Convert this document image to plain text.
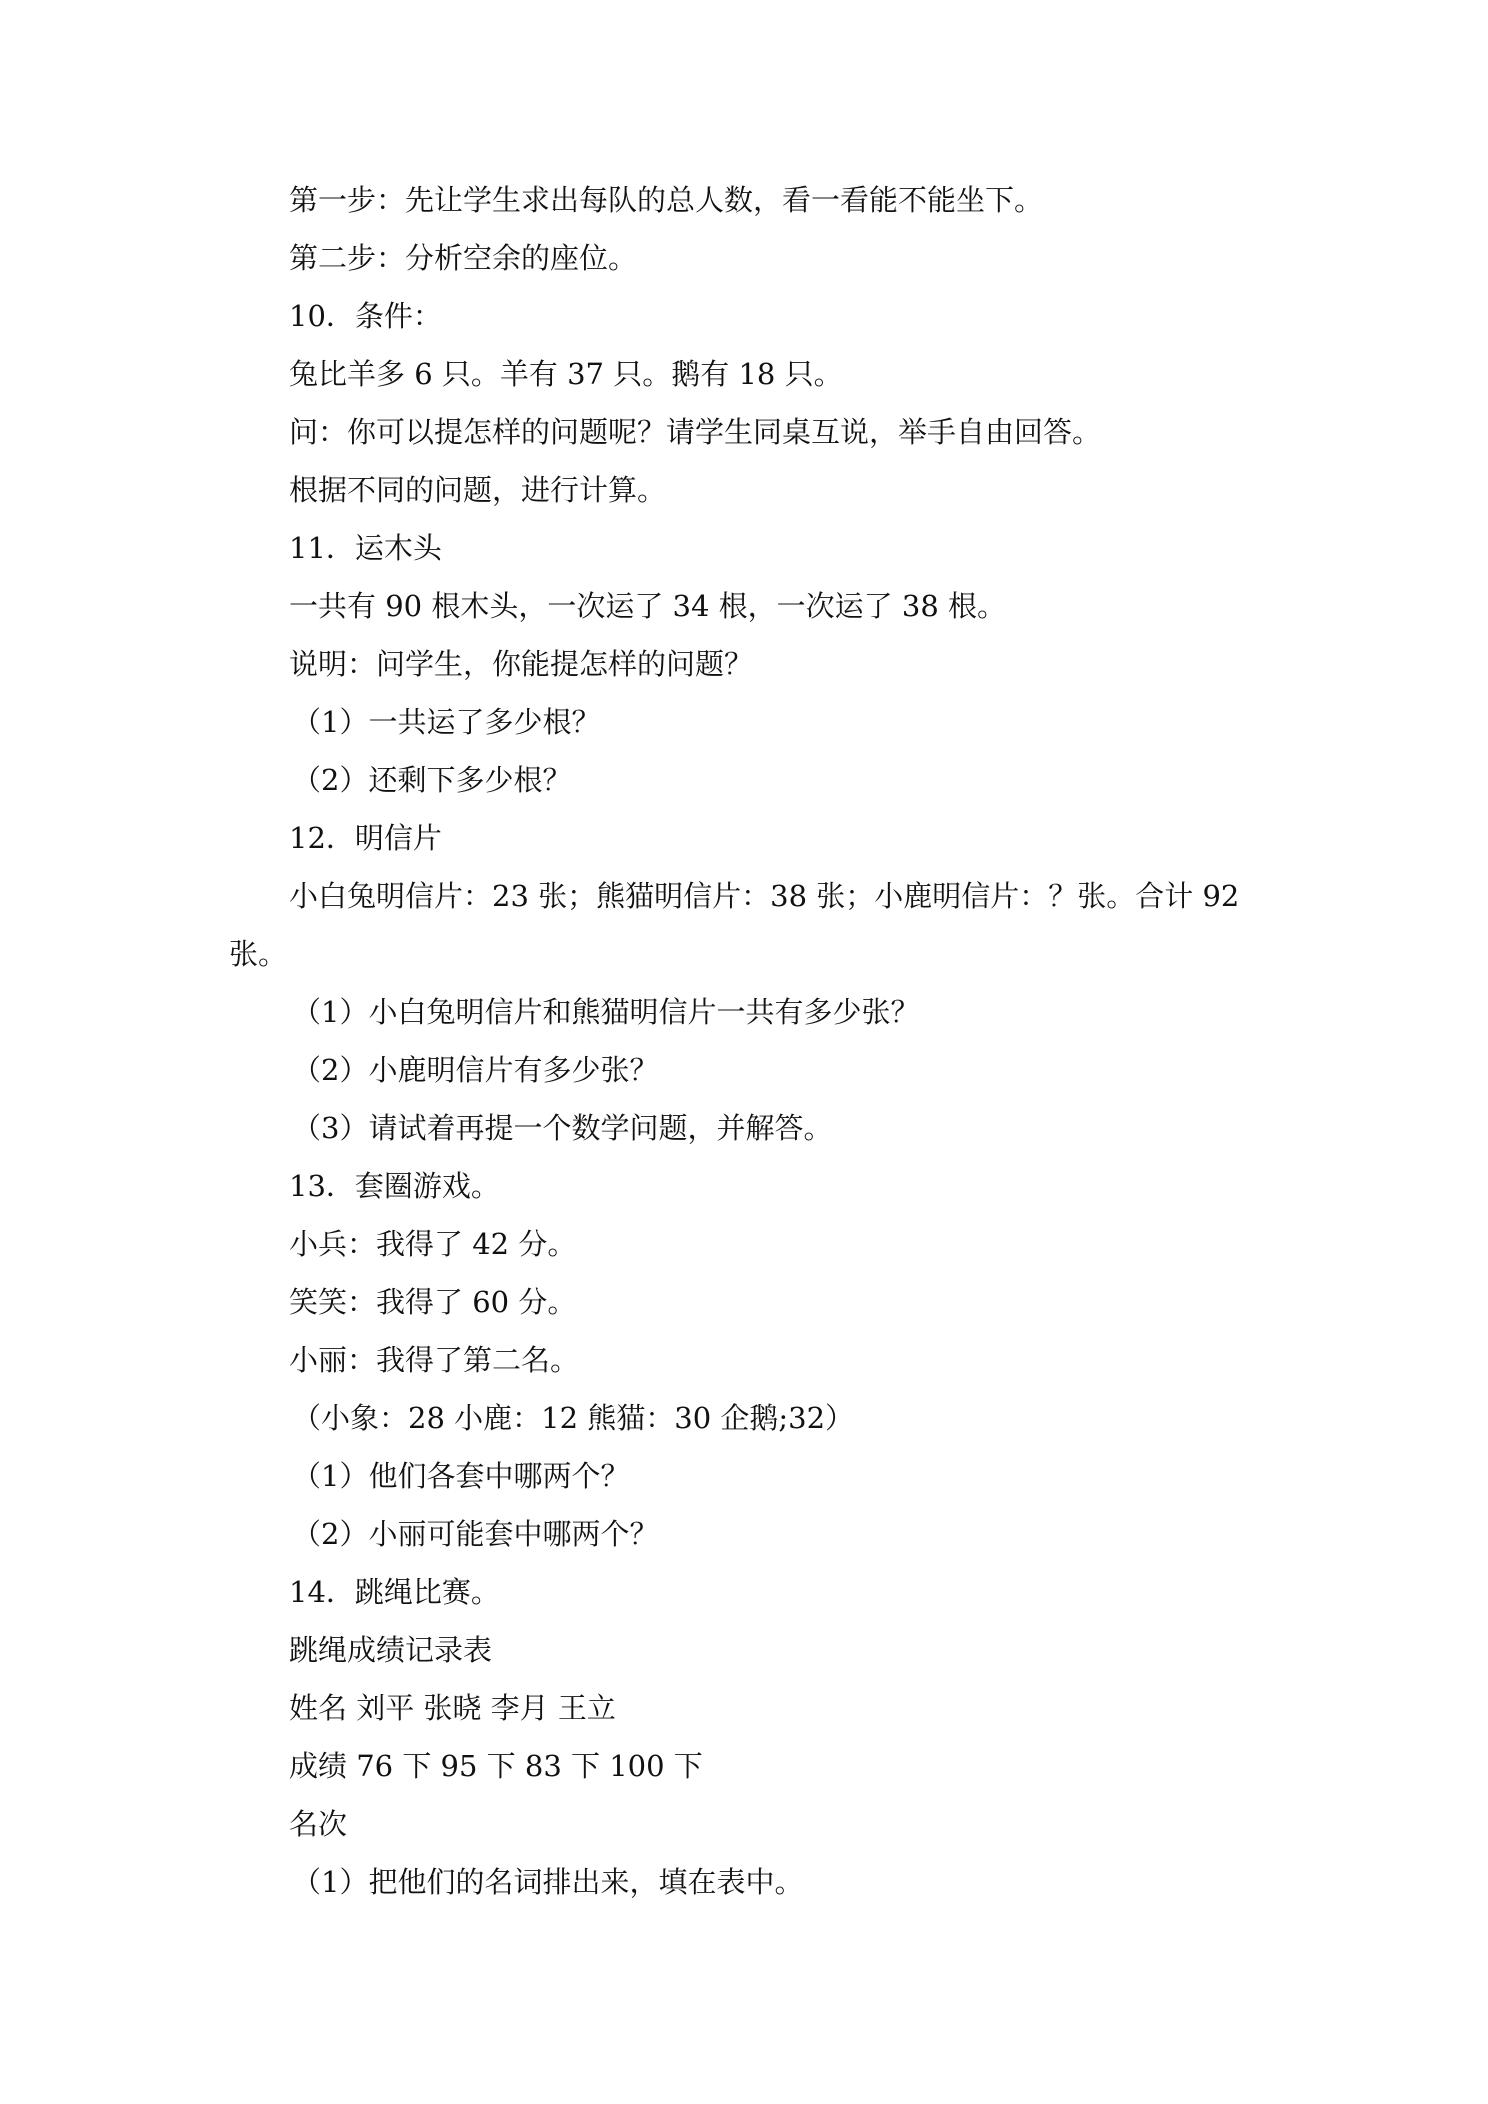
第一步：先让学生求出每队的总人数，看一看能不能坐下。
第二步：分析空余的座位。
10．条件：
兔比羊多 6 只。羊有 37 只。鹅有 18 只。
问：你可以提怎样的问题呢？请学生同桌互说，举手自由回答。
根据不同的问题，进行计算。
11．运木头
一共有 90 根木头，一次运了 34 根，一次运了 38 根。
说明：问学生，你能提怎样的问题？
（1）一共运了多少根？
（2）还剩下多少根？
12．明信片
小白兔明信片：23 张；熊猫明信片：38 张；小鹿明信片：？张。合计 92
张。
（1）小白兔明信片和熊猫明信片一共有多少张？
（2）小鹿明信片有多少张？
（3）请试着再提一个数学问题，并解答。
13．套圈游戏。
小兵：我得了 42 分。
笑笑：我得了 60 分。
小丽：我得了第二名。
（小象：28 小鹿：12 熊猫：30 企鹅;32）
（1）他们各套中哪两个？
（2）小丽可能套中哪两个？
14．跳绳比赛。
跳绳成绩记录表
姓名 刘平 张晓 李月 王立
成绩 76 下 95 下 83 下 100 下
名次
（1）把他们的名词排出来，填在表中。
